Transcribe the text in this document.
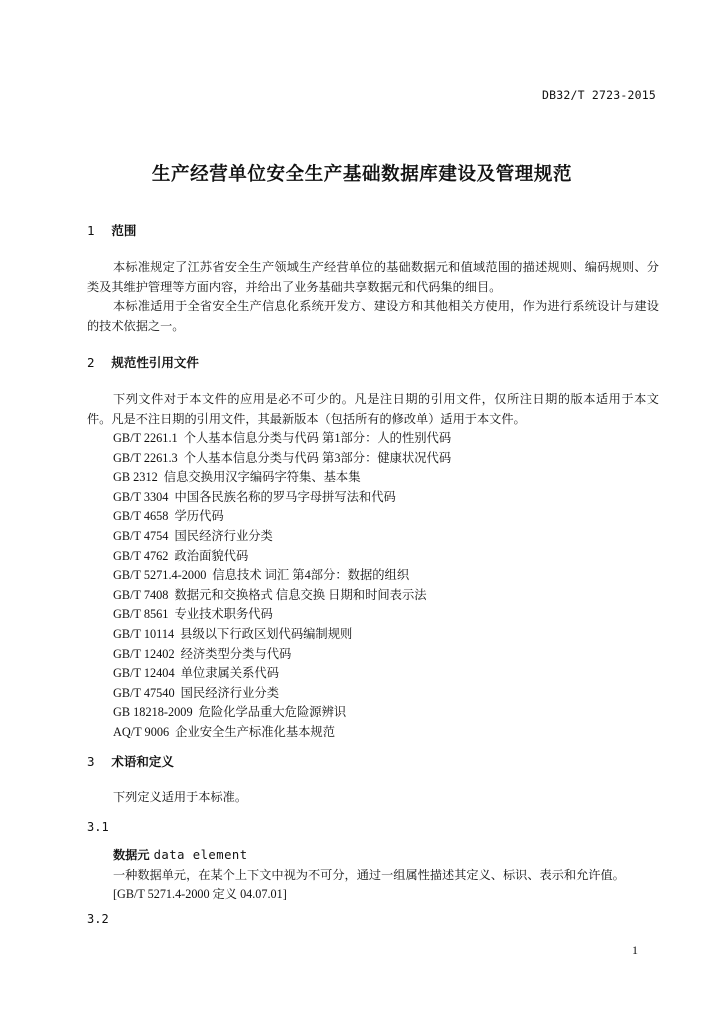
DB32/T 2723-2015
生产经营单位安全生产基础数据库建设及管理规范
1 范围

本标准规定了江苏省安全生产领域生产经营单位的基础数据元和值域范围的描述规则、编码规则、分类及其维护管理等方面内容，并给出了业务基础共享数据元和代码集的细目。

本标准适用于全省安全生产信息化系统开发方、建设方和其他相关方使用，作为进行系统设计与建设的技术依据之一。

2 规范性引用文件

下列文件对于本文件的应用是必不可少的。凡是注日期的引用文件，仅所注日期的版本适用于本文件。凡是不注日期的引用文件，其最新版本（包括所有的修改单）适用于本文件。

GB/T 2261.1 个人基本信息分类与代码 第1部分：人的性别代码
GB/T 2261.3 个人基本信息分类与代码 第3部分：健康状况代码
GB 2312 信息交换用汉字编码字符集、基本集
GB/T 3304 中国各民族名称的罗马字母拼写法和代码
GB/T 4658 学历代码
GB/T 4754 国民经济行业分类
GB/T 4762 政治面貌代码
GB/T 5271.4-2000 信息技术 词汇 第4部分：数据的组织
GB/T 7408 数据元和交换格式 信息交换 日期和时间表示法
GB/T 8561 专业技术职务代码
GB/T 10114 县级以下行政区划代码编制规则
GB/T 12402 经济类型分类与代码
GB/T 12404 单位隶属关系代码
GB/T 47540 国民经济行业分类
GB 18218-2009 危险化学品重大危险源辨识
AQ/T 9006 企业安全生产标准化基本规范
3 术语和定义

下列定义适用于本标准。

3.1
数据元 data element
一种数据单元，在某个上下文中视为不可分，通过一组属性描述其定义、标识、表示和允许值。
[GB/T 5271.4-2000 定义 04.07.01]
3.2
1
